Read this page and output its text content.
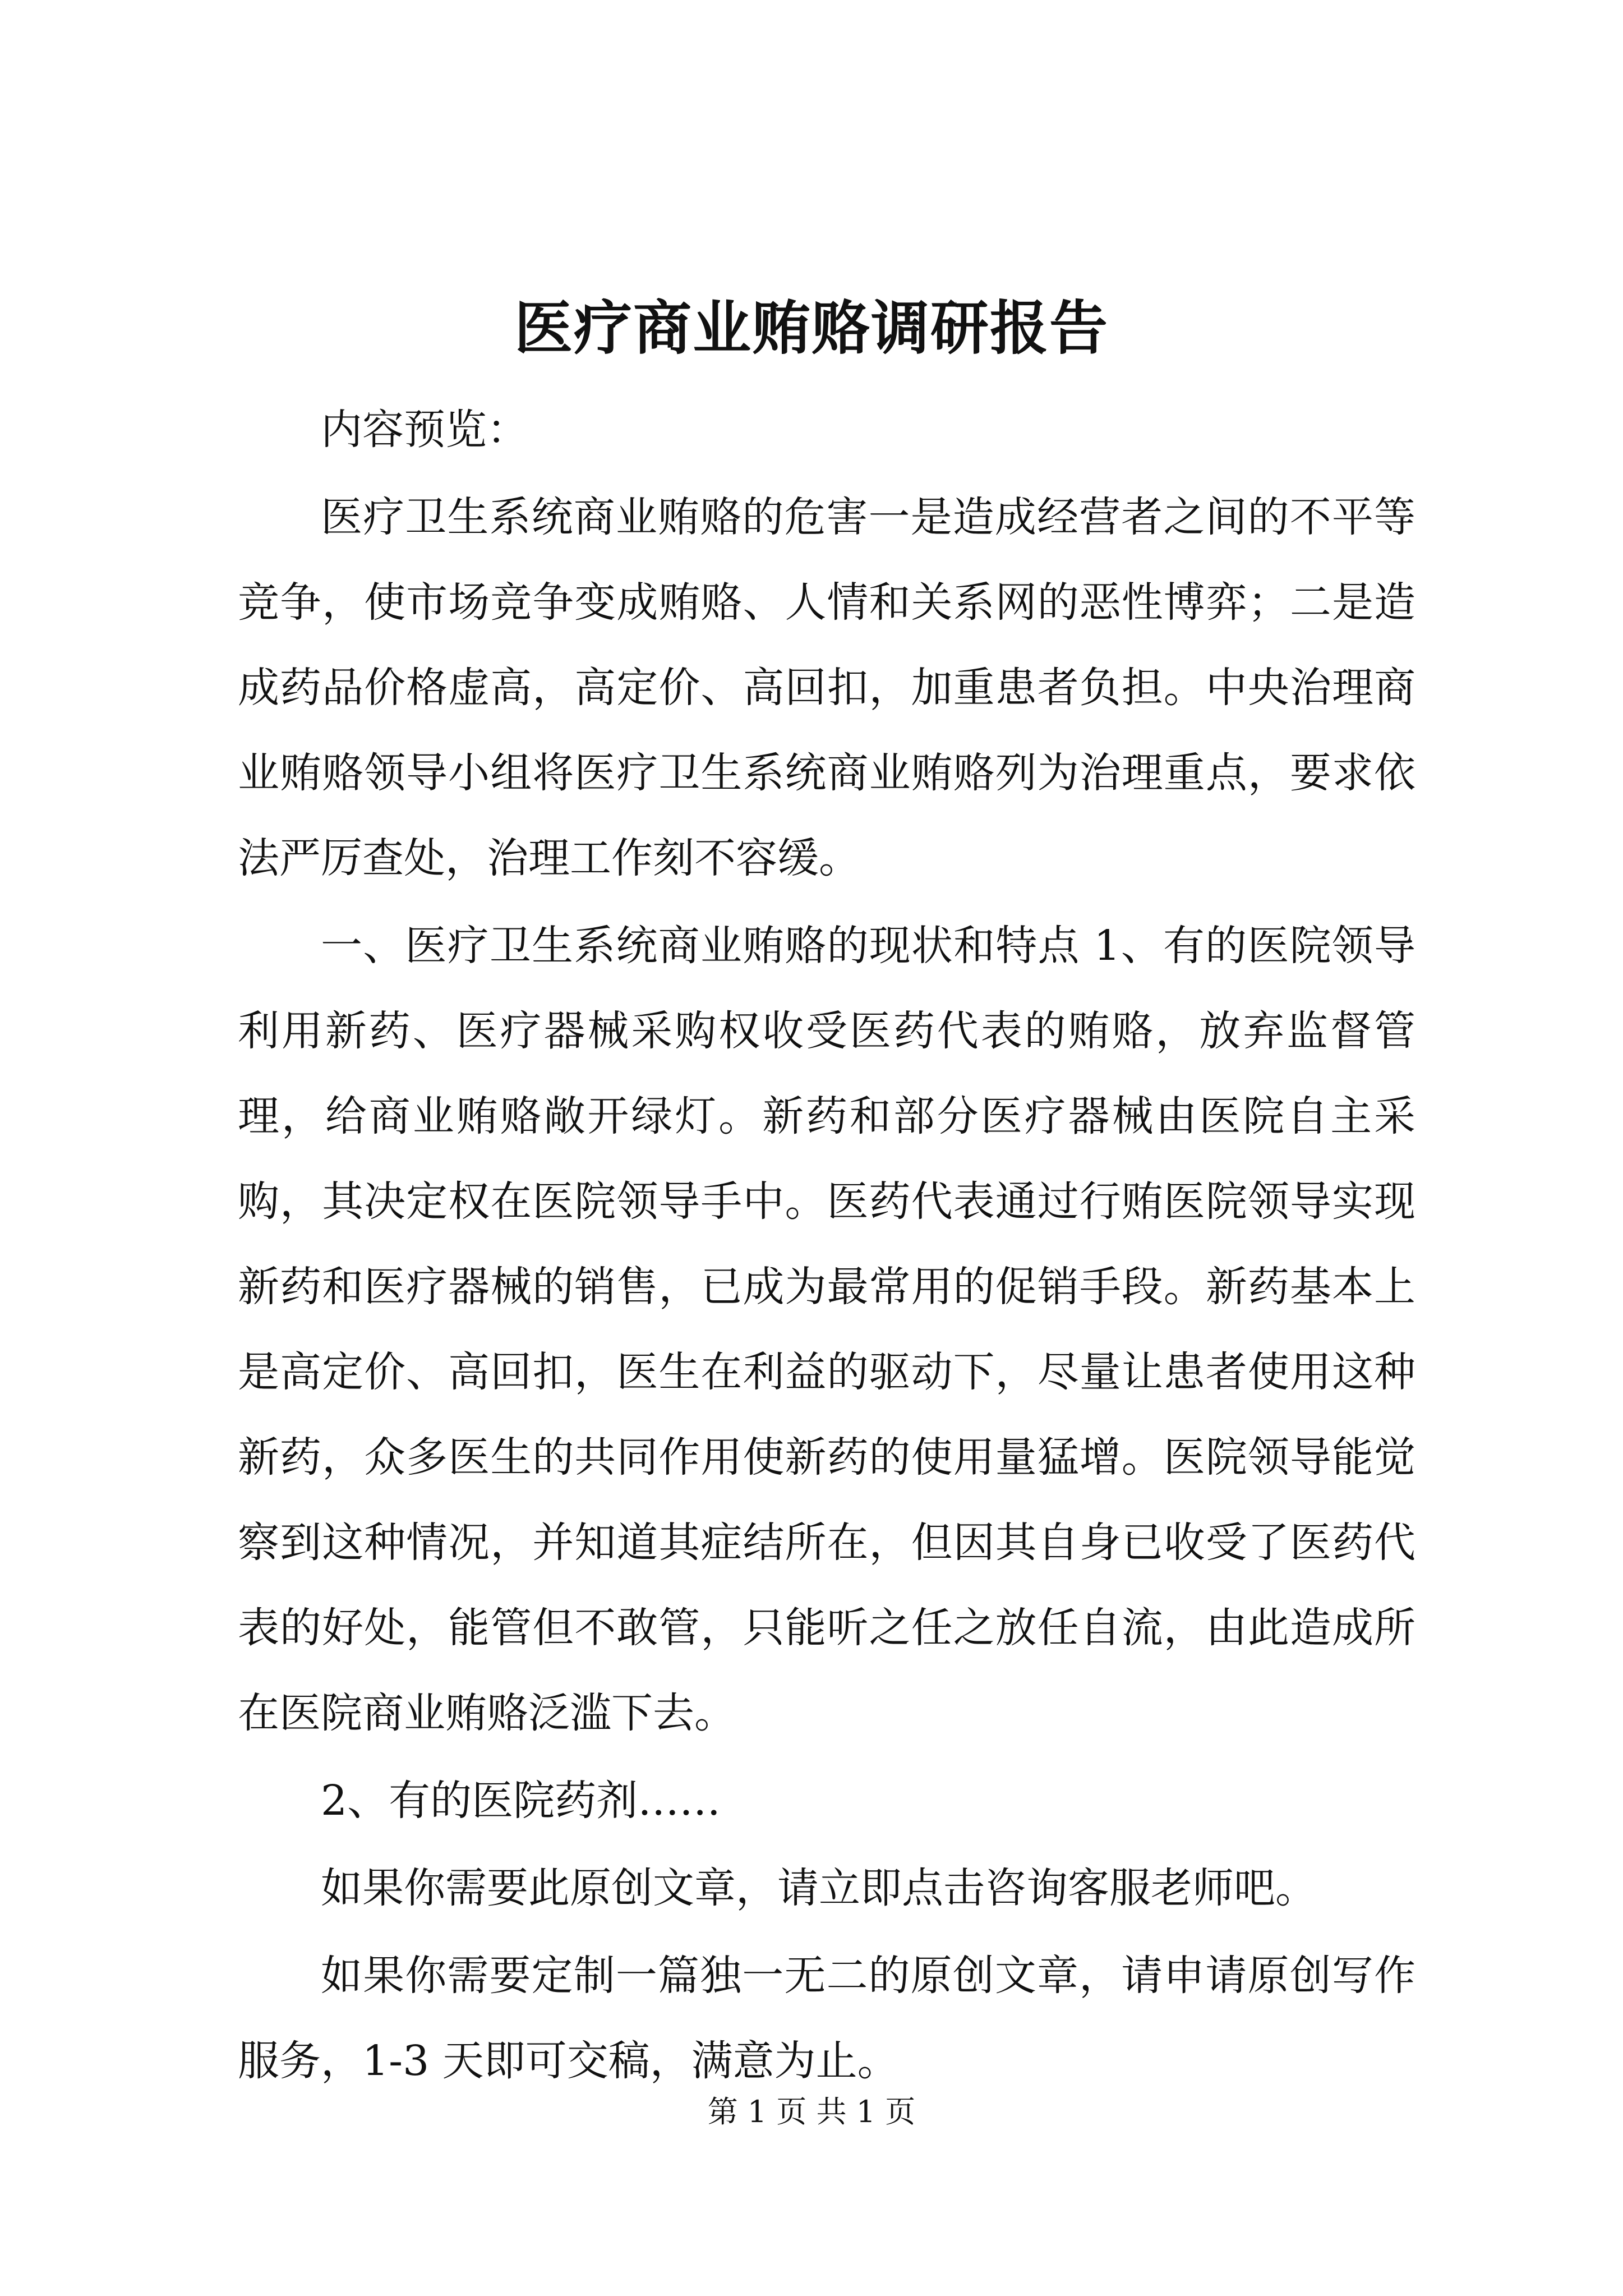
医疗商业贿赂调研报告

内容预览：

医疗卫生系统商业贿赂的危害一是造成经营者之间的不平等竞争，使市场竞争变成贿赂、人情和关系网的恶性博弈；二是造成药品价格虚高，高定价、高回扣，加重患者负担。中央治理商业贿赂领导小组将医疗卫生系统商业贿赂列为治理重点，要求依法严厉查处，治理工作刻不容缓。

一、医疗卫生系统商业贿赂的现状和特点 1、有的医院领导利用新药、医疗器械采购权收受医药代表的贿赂，放弃监督管理，给商业贿赂敞开绿灯。新药和部分医疗器械由医院自主采购，其决定权在医院领导手中。医药代表通过行贿医院领导实现新药和医疗器械的销售，已成为最常用的促销手段。新药基本上是高定价、高回扣，医生在利益的驱动下，尽量让患者使用这种新药，众多医生的共同作用使新药的使用量猛增。医院领导能觉察到这种情况，并知道其症结所在，但因其自身已收受了医药代表的好处，能管但不敢管，只能听之任之放任自流，由此造成所在医院商业贿赂泛滥下去。

2、有的医院药剂……

如果你需要此原创文章，请立即点击咨询客服老师吧。

如果你需要定制一篇独一无二的原创文章，请申请原创写作服务，1-3 天即可交稿，满意为止。

第 1 页 共 1 页
